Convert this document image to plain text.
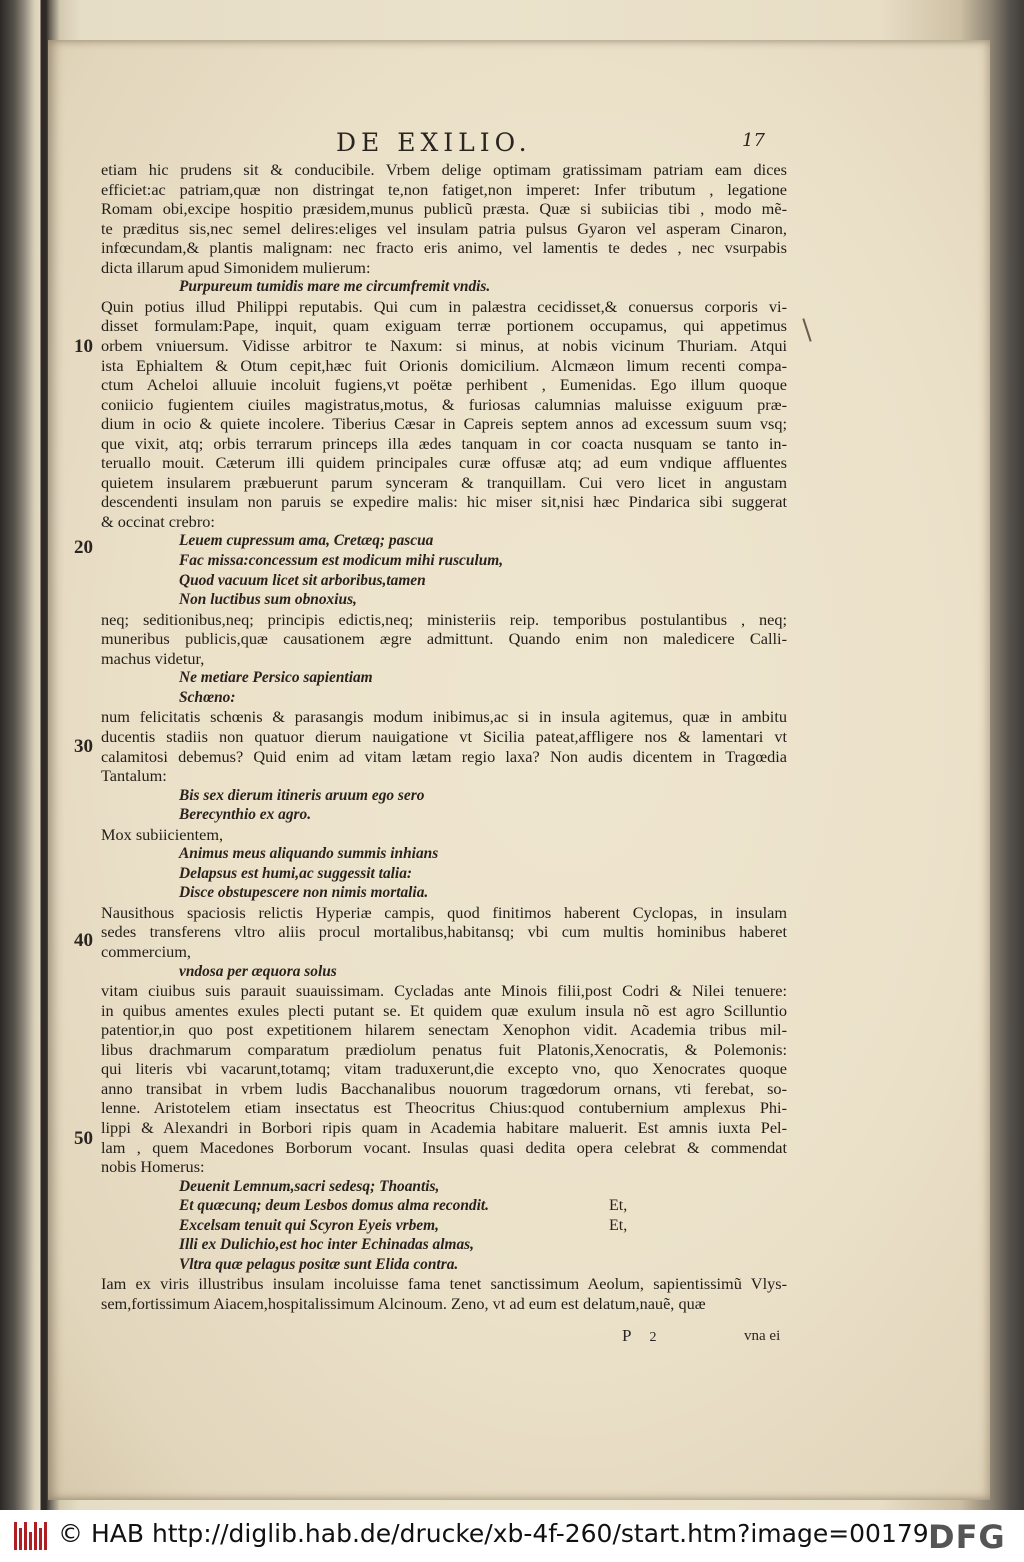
DE EXILIO.	17
10
20
30
40
50
etiam hic prudens sit & conducibile. Vrbem delige optimam gratissimam patriam eam dices
efficiet:ac patriam,quæ non distringat te,non fatiget,non imperet: Infer tributum , legatione
Romam obi,excipe hospitio præsidem,munus publicũ præsta. Quæ si subiicias tibi , modo mẽ-
te præditus sis,nec semel delires:eliges vel insulam patria pulsus Gyaron vel asperam Cinaron,
infœcundam,& plantis malignam: nec fracto eris animo, vel lamentis te dedes , nec vsurpabis
dicta illarum apud Simonidem mulierum:
Purpureum tumidis mare me circumfremit vndis.
Quin potius illud Philippi reputabis. Qui cum in palæstra cecidisset,& conuersus corporis vi-
disset formulam:Pape, inquit, quam exiguam terræ portionem occupamus, qui appetimus
orbem vniuersum. Vidisse arbitror te Naxum: si minus, at nobis vicinum Thuriam. Atqui
ista Ephialtem & Otum cepit,hæc fuit Orionis domicilium. Alcmæon limum recenti compa-
ctum Acheloi alluuie incoluit fugiens,vt poëtæ perhibent , Eumenidas. Ego illum quoque
coniicio fugientem ciuiles magistratus,motus, & furiosas calumnias maluisse exiguum præ-
dium in ocio & quiete incolere. Tiberius Cæsar in Capreis septem annos ad excessum suum vsq;
que vixit, atq; orbis terrarum princeps illa ædes tanquam in cor coacta nusquam se tanto in-
teruallo mouit. Cæterum illi quidem principales curæ offusæ atq; ad eum vndique affluentes
quietem insularem præbuerunt parum synceram & tranquillam. Cui vero licet in angustam
descendenti insulam non paruis se expedire malis: hic miser sit,nisi hæc Pindarica sibi suggerat
& occinat crebro:
Leuem cupressum ama, Cretæq; pascua
Fac missa:concessum est modicum mihi rusculum,
Quod vacuum licet sit arboribus,tamen
Non luctibus sum obnoxius,
neq; seditionibus,neq; principis edictis,neq; ministeriis reip. temporibus postulantibus , neq;
muneribus publicis,quæ causationem ægre admittunt. Quando enim non maledicere Calli-
machus videtur,
Ne metiare Persico sapientiam
Schœno:
num felicitatis schœnis & parasangis modum inibimus,ac si in insula agitemus, quæ in ambitu
ducentis stadiis non quatuor dierum nauigatione vt Sicilia pateat,affligere nos & lamentari vt
calamitosi debemus? Quid enim ad vitam lætam regio laxa? Non audis dicentem in Tragœdia
Tantalum:
Bis sex dierum itineris aruum ego sero
Berecynthio ex agro.
Mox subiicientem,
Animus meus aliquando summis inhians
Delapsus est humi,ac suggessit talia:
Disce obstupescere non nimis mortalia.
Nausithous spaciosis relictis Hyperiæ campis, quod finitimos haberent Cyclopas, in insulam
sedes transferens vltro aliis procul mortalibus,habitansq; vbi cum multis hominibus haberet
commercium,
vndosa per æquora solus
vitam ciuibus suis parauit suauissimam. Cycladas ante Minois filii,post Codri & Nilei tenuere:
in quibus amentes exules plecti putant se. Et quidem quæ exulum insula nõ est agro Scilluntio
patentior,in quo post expetitionem hilarem senectam Xenophon vidit. Academia tribus mil-
libus drachmarum comparatum prædiolum penatus fuit Platonis,Xenocratis, & Polemonis:
qui literis vbi vacarunt,totamq; vitam traduxerunt,die excepto vno, quo Xenocrates quoque
anno transibat in vrbem ludis Bacchanalibus nouorum tragœdorum ornans, vti ferebat, so-
lenne. Aristotelem etiam insectatus est Theocritus Chius:quod contubernium amplexus Phi-
lippi & Alexandri in Borbori ripis quam in Academia habitare maluerit. Est amnis iuxta Pel-
lam , quem Macedones Borborum vocant. Insulas quasi dedita opera celebrat & commendat
nobis Homerus:
Deuenit Lemnum,sacri sedesq; Thoantis,
Et quæcunq; deum Lesbos domus alma recondit.	Et,
Excelsam tenuit qui Scyron Eyeis vrbem,	Et,
Illi ex Dulichio,est hoc inter Echinadas almas,
Vltra quæ pelagus positæ sunt Elida contra.
Iam ex viris illustribus insulam incoluisse fama tenet sanctissimum Aeolum, sapientissimũ Vlys-
sem,fortissimum Aiacem,hospitalissimum Alcinoum. Zeno, vt ad eum est delatum,nauẽ, quæ
P 2	vna ei
© HAB http://diglib.hab.de/drucke/xb-4f-260/start.htm?image=00179 DFG
